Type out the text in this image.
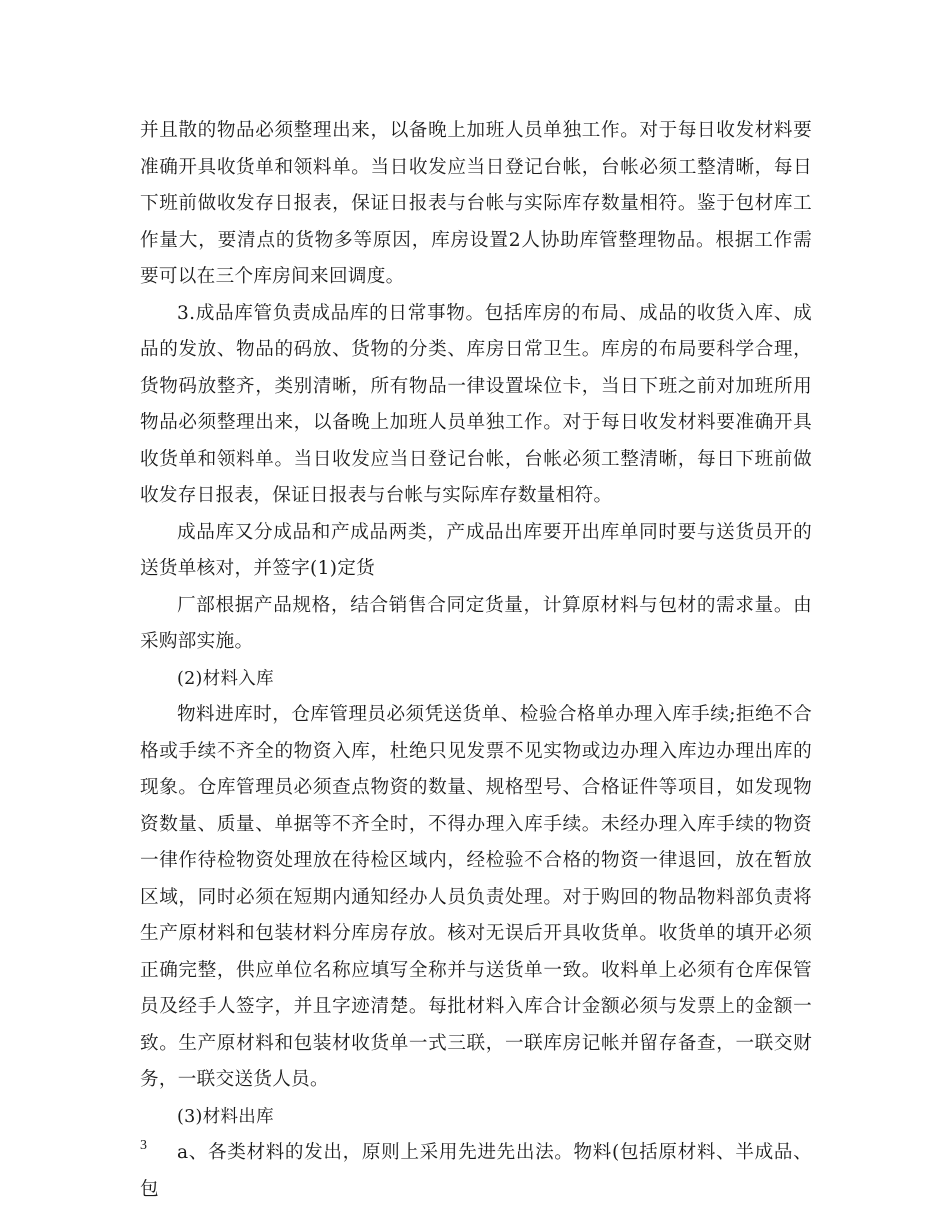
并且散的物品必须整理出来，以备晚上加班人员单独工作。对于每日收发材料要准确开具收货单和领料单。当日收发应当日登记台帐，台帐必须工整清晰，每日下班前做收发存日报表，保证日报表与台帐与实际库存数量相符。鉴于包材库工作量大，要清点的货物多等原因，库房设置2人协助库管整理物品。根据工作需要可以在三个库房间来回调度。

3.成品库管负责成品库的日常事物。包括库房的布局、成品的收货入库、成品的发放、物品的码放、货物的分类、库房日常卫生。库房的布局要科学合理，货物码放整齐，类别清晰，所有物品一律设置垛位卡，当日下班之前对加班所用物品必须整理出来，以备晚上加班人员单独工作。对于每日收发材料要准确开具收货单和领料单。当日收发应当日登记台帐，台帐必须工整清晰，每日下班前做收发存日报表，保证日报表与台帐与实际库存数量相符。

成品库又分成品和产成品两类，产成品出库要开出库单同时要与送货员开的送货单核对，并签字(1)定货

厂部根据产品规格，结合销售合同定货量，计算原材料与包材的需求量。由采购部实施。

(2)材料入库

物料进库时，仓库管理员必须凭送货单、检验合格单办理入库手续;拒绝不合格或手续不齐全的物资入库，杜绝只见发票不见实物或边办理入库边办理出库的现象。仓库管理员必须查点物资的数量、规格型号、合格证件等项目，如发现物资数量、质量、单据等不齐全时，不得办理入库手续。未经办理入库手续的物资一律作待检物资处理放在待检区域内，经检验不合格的物资一律退回，放在暂放区域，同时必须在短期内通知经办人员负责处理。对于购回的物品物料部负责将生产原材料和包装材料分库房存放。核对无误后开具收货单。收货单的填开必须正确完整，供应单位名称应填写全称并与送货单一致。收料单上必须有仓库保管员及经手人签字，并且字迹清楚。每批材料入库合计金额必须与发票上的金额一致。生产原材料和包装材收货单一式三联，一联库房记帐并留存备查，一联交财务，一联交送货人员。

(3)材料出库

a、各类材料的发出，原则上采用先进先出法。物料(包括原材料、半成品、包

3
